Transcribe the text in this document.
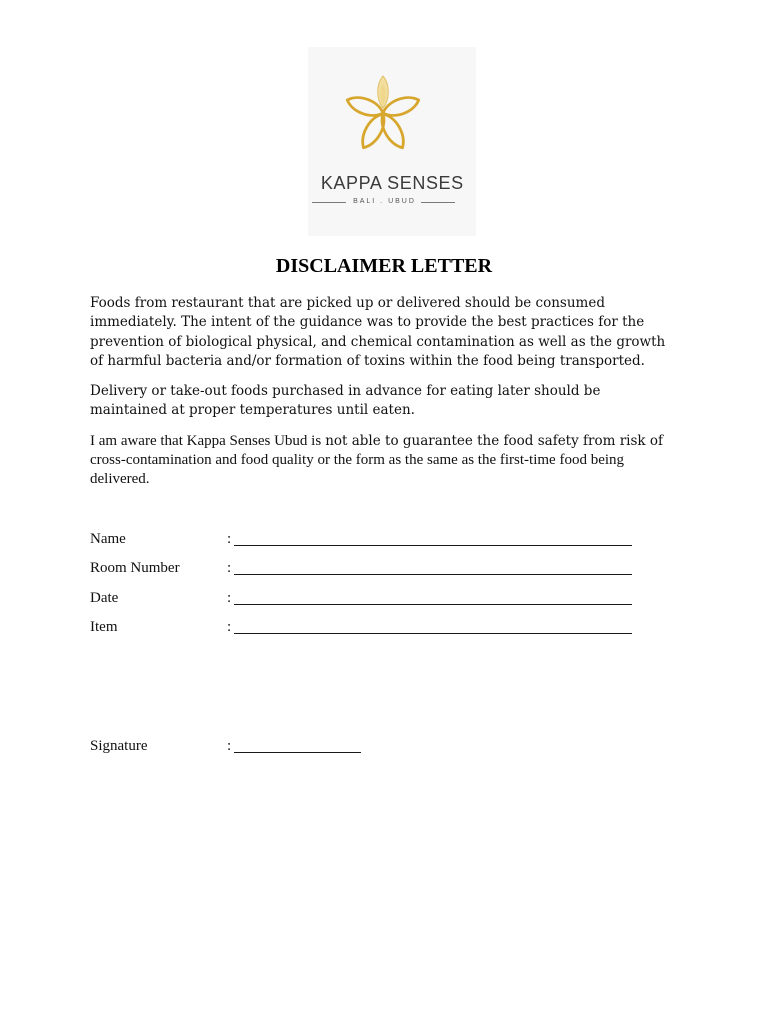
KAPPA SENSES
BALI . UBUD
DISCLAIMER LETTER
Foods from restaurant that are picked up or delivered should be consumed
immediately. The intent of the guidance was to provide the best practices for the
prevention of biological physical, and chemical contamination as well as the growth
of harmful bacteria and/or formation of toxins within the food being transported.
Delivery or take-out foods purchased in advance for eating later should be
maintained at proper temperatures until eaten.
I am aware that Kappa Senses Ubud is not able to guarantee the food safety from risk of
cross-contamination and food quality or the form as the same as the first-time food being
delivered.
Name	:
Room Number	:
Date	:
Item	:
Signature	:
